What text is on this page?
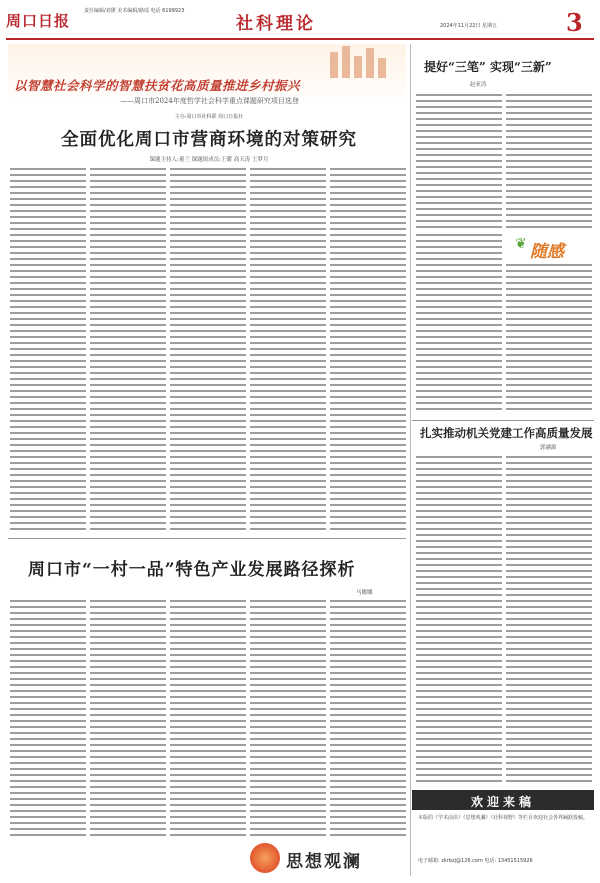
周口日报
责任编辑/刘黛 美术编辑/路瑶 电话 6199923
社科理论	2024年11月22日 星期五	3
以智慧社会科学的智慧扶贫花高质量推进乡村振兴
——周口市2024年度哲学社会科学重点课题研究项目选登
主办:周口市社科联 周口日报社
全面优化周口市营商环境的对策研究
课题主持人:董兰 课题组成员:王暖 高天涛 王梦月
周口市“一村一品”特色产业发展路径探析
马娜娜
思想观澜
提好“三笔” 实现“三新”
赵亚涛
❦ 随感
扎实推动机关党建工作高质量发展
郭涵源
欢迎来稿
本版的《学术前沿》《思想观澜》《社科视野》等栏目欢迎社会各界踊跃投稿。
电子邮箱: zkrbzj@126.com 电话: 13451515926
